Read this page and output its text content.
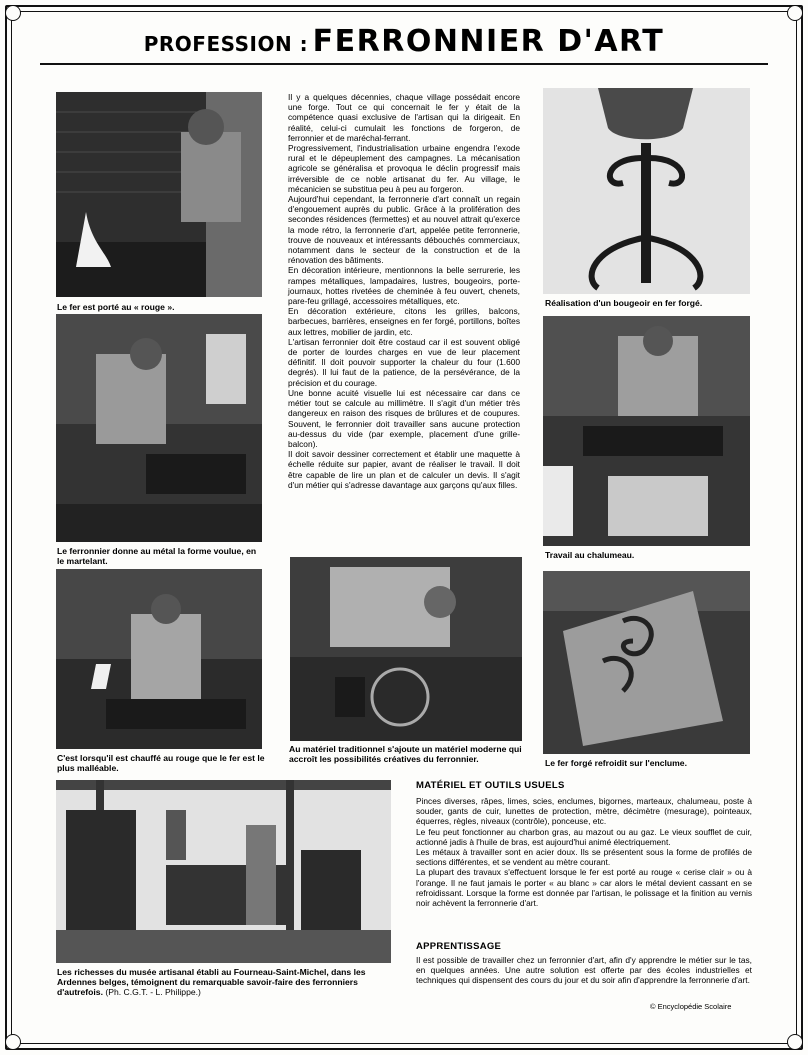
PROFESSION : FERRONNIER D'ART
Le fer est porté au « rouge ».
Le ferronnier donne au métal la forme voulue, en le martelant.
C'est lorsqu'il est chauffé au rouge que le fer est le plus malléable.
Au matériel traditionnel s'ajoute un matériel moderne qui accroît les possibilités créatives du ferronnier.
Réalisation d'un bougeoir en fer forgé.
Travail au chalumeau.
Le fer forgé refroidit sur l'enclume.
Les richesses du musée artisanal établi au Fourneau-Saint-Michel, dans les Ardennes belges, témoignent du remarquable savoir-faire des ferronniers d'autrefois. (Ph. C.G.T. - L. Philippe.)

Il y a quelques décennies, chaque village possédait encore une forge. Tout ce qui concernait le fer y était de la compétence quasi exclusive de l'artisan qui la dirigeait. En réalité, celui-ci cumulait les fonctions de forgeron, de ferronnier et de maréchal-ferrant.

Progressivement, l'industrialisation urbaine engendra l'exode rural et le dépeuplement des campagnes. La mécanisation agricole se généralisa et provoqua le déclin progressif mais irréversible de ce noble artisanat du fer. Au village, le mécanicien se substitua peu à peu au forgeron.

Aujourd'hui cependant, la ferronnerie d'art connaît un regain d'engouement auprès du public. Grâce à la prolifération des secondes résidences (fermettes) et au nouvel attrait qu'exerce la mode rétro, la ferronnerie d'art, appelée petite ferronnerie, trouve de nouveaux et intéressants débouchés commerciaux, notamment dans le secteur de la construction et de la rénovation des bâtiments.

En décoration intérieure, mentionnons la belle serrurerie, les rampes métalliques, lampadaires, lustres, bougeoirs, porte-journaux, hottes rivetées de cheminée à feu ouvert, chenets, pare-feu grillagé, accessoires métalliques, etc.

En décoration extérieure, citons les grilles, balcons, barbecues, barrières, enseignes en fer forgé, portillons, boîtes aux lettres, mobilier de jardin, etc.

L'artisan ferronnier doit être costaud car il est souvent obligé de porter de lourdes charges en vue de leur placement définitif. Il doit pouvoir supporter la chaleur du four (1.600 degrés). Il lui faut de la patience, de la persévérance, de la précision et du courage.

Une bonne acuité visuelle lui est nécessaire car dans ce métier tout se calcule au millimètre. Il s'agit d'un métier très dangereux en raison des risques de brûlures et de coupures. Souvent, le ferronnier doit travailler sans aucune protection au-dessus du vide (par exemple, placement d'une grille-balcon).

Il doit savoir dessiner correctement et établir une maquette à échelle réduite sur papier, avant de réaliser le travail. Il doit être capable de lire un plan et de calculer un devis. Il s'agit d'un métier qui s'adresse davantage aux garçons qu'aux filles.

MATÉRIEL ET OUTILS USUELS

Pinces diverses, râpes, limes, scies, enclumes, bigornes, marteaux, chalumeau, poste à souder, gants de cuir, lunettes de protection, mètre, décimètre (mesurage), pointeaux, équerres, règles, niveaux (contrôle), ponceuse, etc.

Le feu peut fonctionner au charbon gras, au mazout ou au gaz. Le vieux soufflet de cuir, actionné jadis à l'huile de bras, est aujourd'hui animé électriquement.

Les métaux à travailler sont en acier doux. Ils se présentent sous la forme de profilés de sections différentes, et se vendent au mètre courant.

La plupart des travaux s'effectuent lorsque le fer est porté au rouge « cerise clair » ou à l'orange. Il ne faut jamais le porter « au blanc » car alors le métal devient cassant en se refroidissant. Lorsque la forme est donnée par l'artisan, le polissage et la finition au vernis noir achèvent la ferronnerie d'art.

APPRENTISSAGE

Il est possible de travailler chez un ferronnier d'art, afin d'y apprendre le métier sur le tas, en quelques années. Une autre solution est offerte par des écoles industrielles et techniques qui dispensent des cours du jour et du soir afin d'apprendre la ferronnerie d'art.

© Encyclopédie Scolaire
